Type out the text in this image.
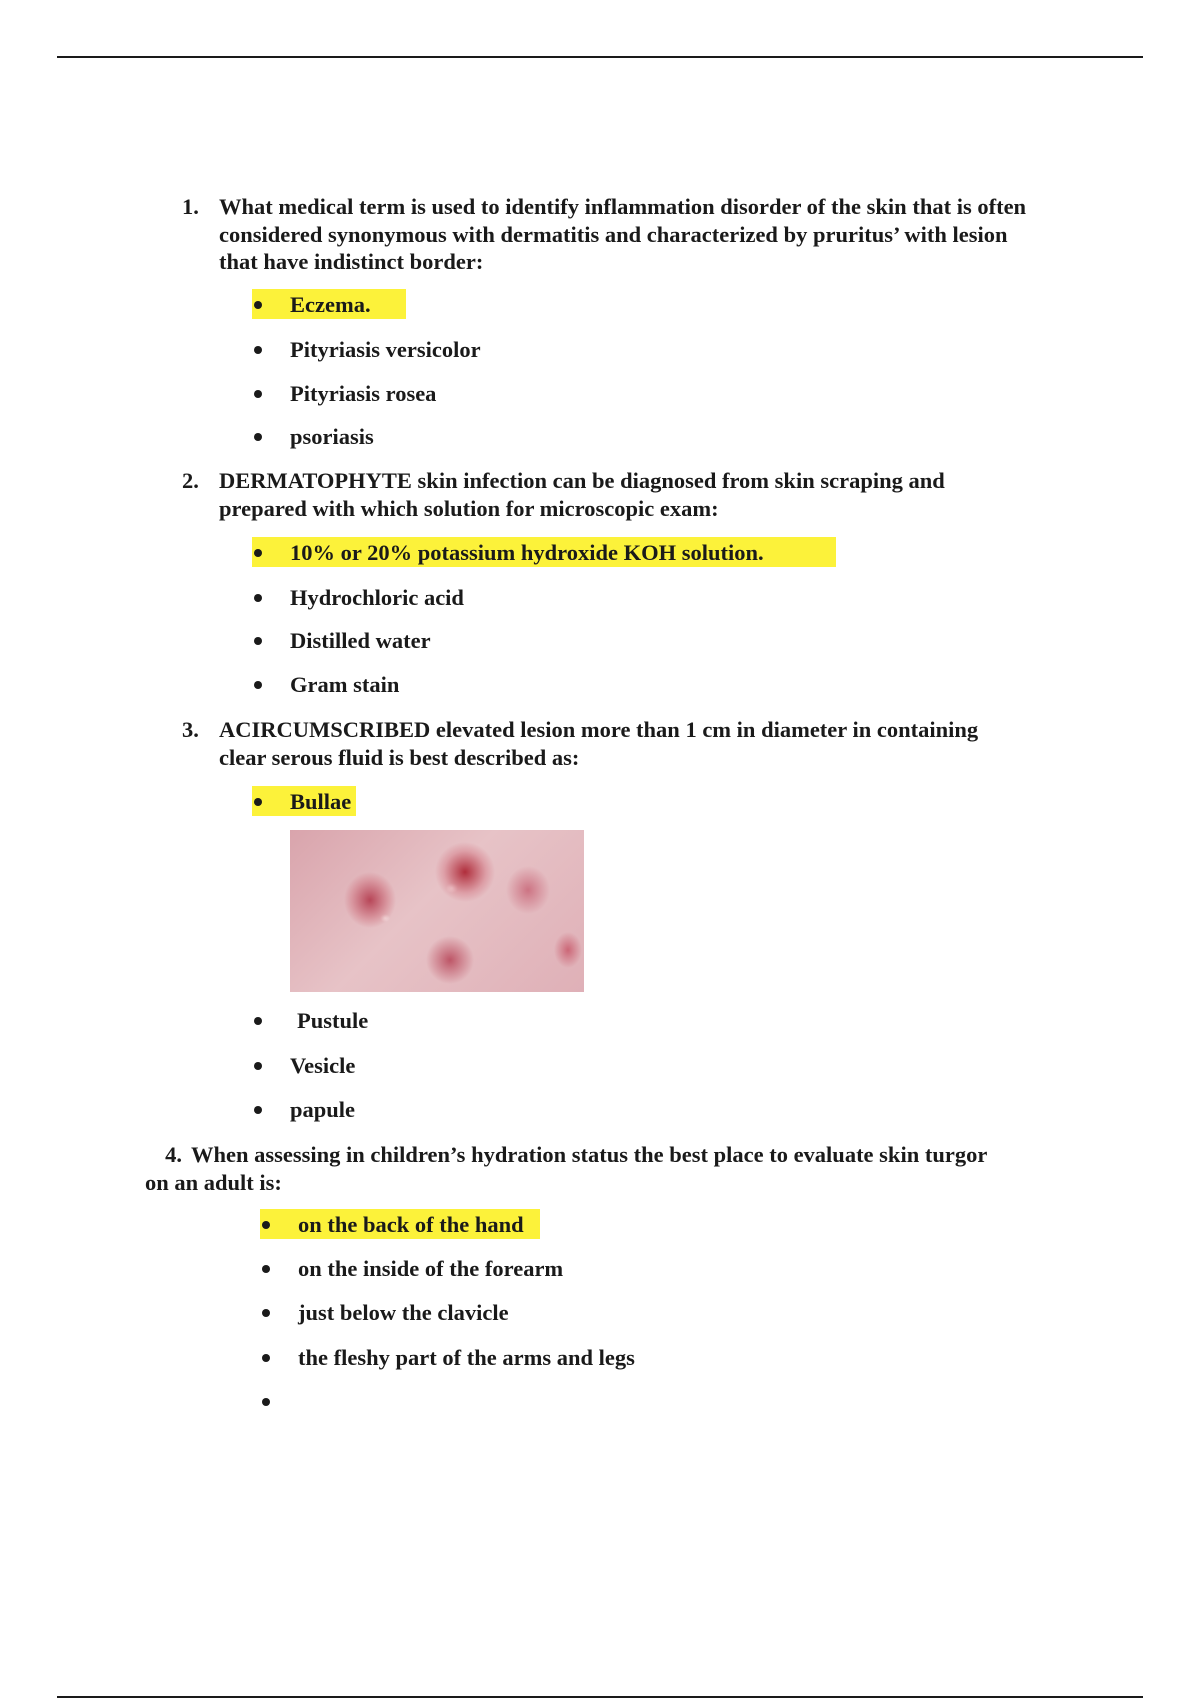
1. What medical term is used to identify inflammation disorder of the skin that is often
considered synonymous with dermatitis and characterized by pruritus’ with lesion
that have indistinct border:
Eczema.
Pityriasis versicolor
Pityriasis rosea
psoriasis
2. DERMATOPHYTE skin infection can be diagnosed from skin scraping and
prepared with which solution for microscopic exam:
10% or 20% potassium hydroxide KOH solution.
Hydrochloric acid
Distilled water
Gram stain
3. ACIRCUMSCRIBED elevated lesion more than 1 cm in diameter in containing
clear serous fluid is best described as:
Bullae
Pustule
Vesicle
papule
4. When assessing in children’s hydration status the best place to evaluate skin turgor
on an adult is:
on the back of the hand
on the inside of the forearm
just below the clavicle
the fleshy part of the arms and legs
